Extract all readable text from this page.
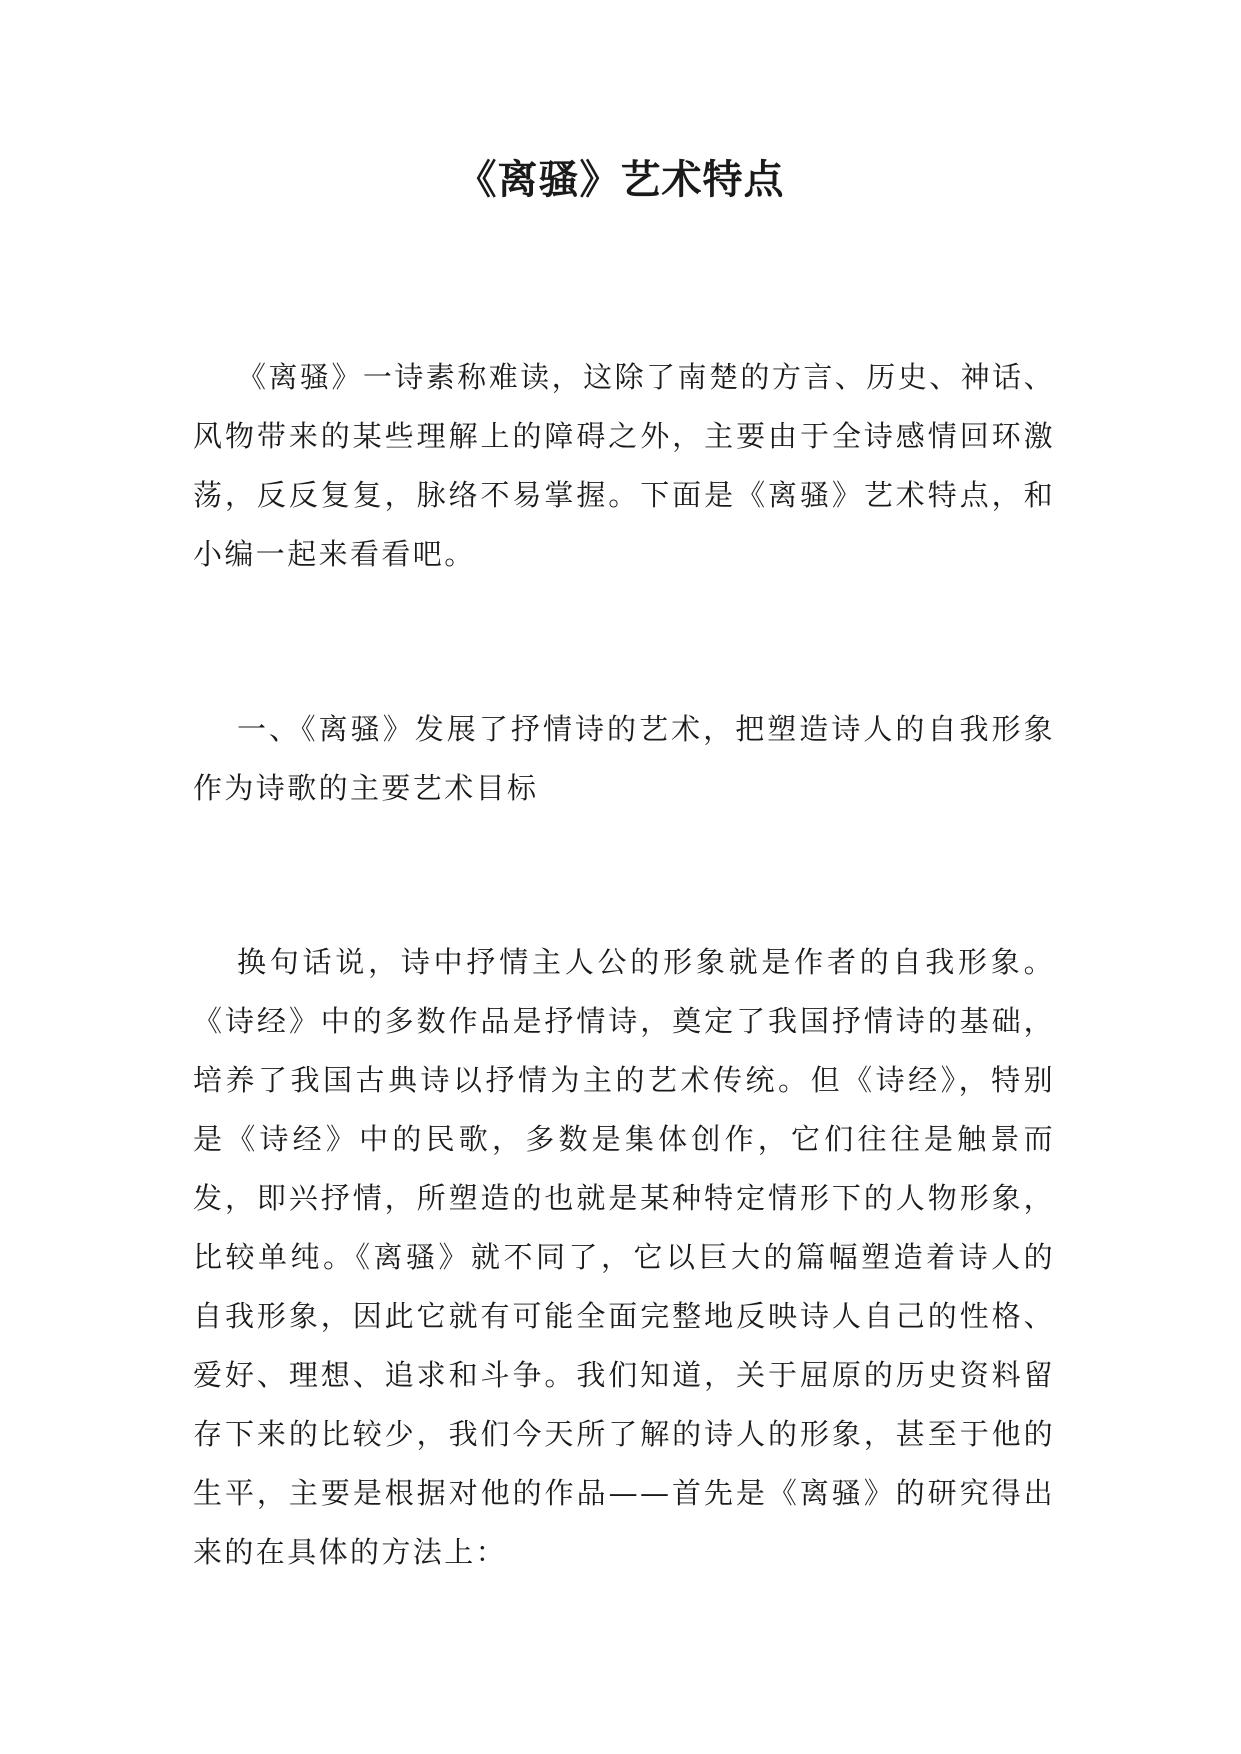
《离骚》艺术特点

《离骚》一诗素称难读，这除了南楚的方言、历史、神话、风物带来的某些理解上的障碍之外，主要由于全诗感情回环激荡，反反复复，脉络不易掌握。下面是《离骚》艺术特点，和小编一起来看看吧。

一、《离骚》发展了抒情诗的艺术，把塑造诗人的自我形象作为诗歌的主要艺术目标

换句话说，诗中抒情主人公的形象就是作者的自我形象。《诗经》中的多数作品是抒情诗，奠定了我国抒情诗的基础，培养了我国古典诗以抒情为主的艺术传统。但《诗经》，特别是《诗经》中的民歌，多数是集体创作，它们往往是触景而发，即兴抒情，所塑造的也就是某种特定情形下的人物形象，比较单纯。《离骚》就不同了，它以巨大的篇幅塑造着诗人的自我形象，因此它就有可能全面完整地反映诗人自己的性格、爱好、理想、追求和斗争。我们知道，关于屈原的历史资料留存下来的比较少，我们今天所了解的诗人的形象，甚至于他的生平，主要是根据对他的作品——首先是《离骚》的研究得出来的在具体的方法上：
